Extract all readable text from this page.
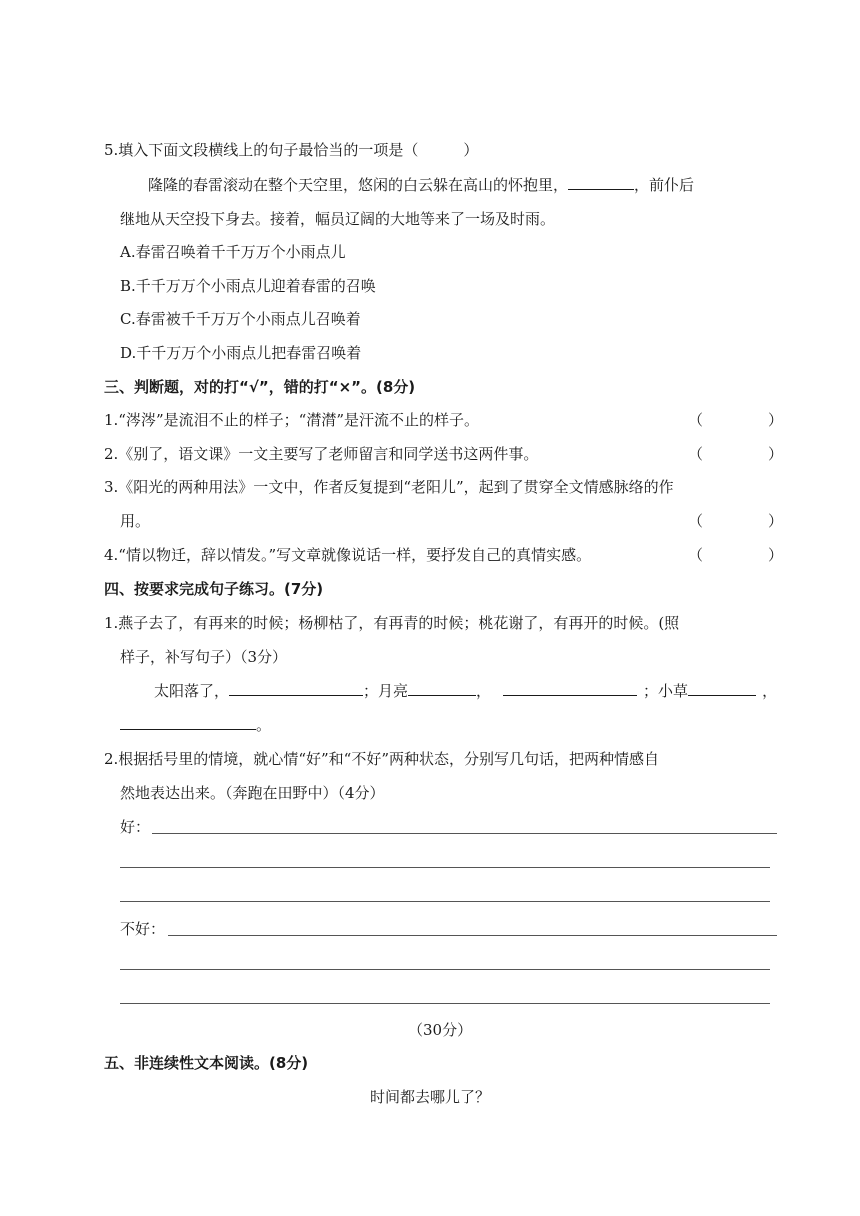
5.填入下面文段横线上的句子最恰当的一项是（　　　）
隆隆的春雷滚动在整个天空里，悠闲的白云躲在高山的怀抱里，	，前仆后
继地从天空投下身去。接着，幅员辽阔的大地等来了一场及时雨。
A.春雷召唤着千千万万个小雨点儿
B.千千万万个小雨点儿迎着春雷的召唤
C.春雷被千千万万个小雨点儿召唤着
D.千千万万个小雨点儿把春雷召唤着
三、判断题，对的打“√”，错的打“×”。(8分)
1.“涔涔”是流泪不止的样子；“潸潸”是汗流不止的样子。	（	）
2.《别了，语文课》一文主要写了老师留言和同学送书这两件事。	（	）
3.《阳光的两种用法》一文中，作者反复提到“老阳儿”，起到了贯穿全文情感脉络的作
用。	（	）
4.“情以物迁，辞以情发。”写文章就像说话一样，要抒发自己的真情实感。	（	）
四、按要求完成句子练习。(7分)
1.燕子去了，有再来的时候；杨柳枯了，有再青的时候；桃花谢了，有再开的时候。(照
样子，补写句子）（3分）
太阳落了，	；月亮	，	；小草	，
。
2.根据括号里的情境，就心情“好”和“不好”两种状态，分别写几句话，把两种情感自
然地表达出来。（奔跑在田野中）（4分）
好：
不好：
（30分）
五、非连续性文本阅读。(8分)
时间都去哪儿了？
